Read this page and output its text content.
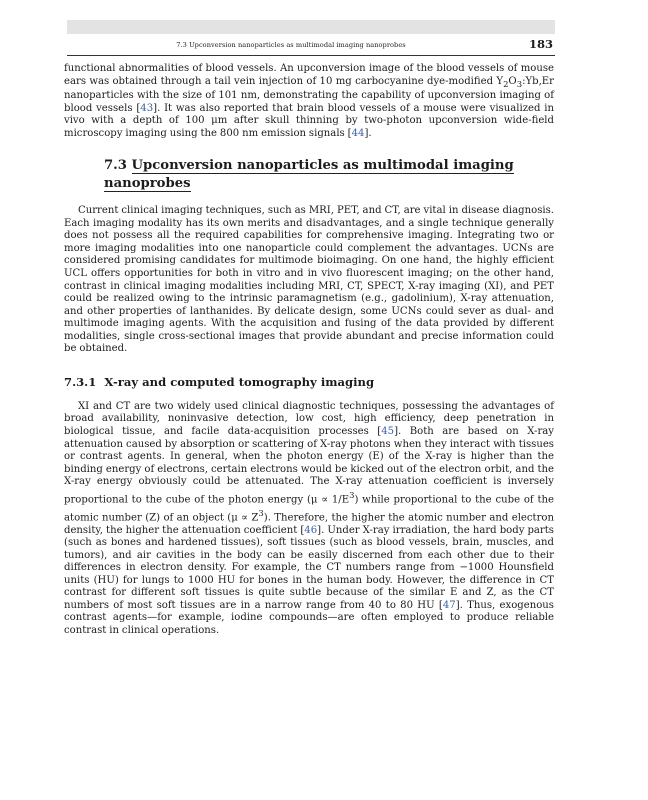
7.3 Upconversion nanoparticles as multimodal imaging nanoprobes	183

functional abnormalities of blood vessels. An upconversion image of the blood vessels of mouse ears was obtained through a tail vein injection of 10 mg carbocyanine dye-modified $Y_2O_3:Yb,Er$ nanoparticles with the size of 101 nm, demonstrating the capability of upconversion imaging of blood vessels [43]. It was also reported that brain blood vessels of a mouse were visualized in vivo with a depth of 100 μm after skull thinning by two-photon upconversion wide-field microscopy imaging using the 800 nm emission signals [44].

7.3 Upconversion nanoparticles as multimodal imaging nanoprobes

Current clinical imaging techniques, such as MRI, PET, and CT, are vital in disease diagnosis. Each imaging modality has its own merits and disadvantages, and a single technique generally does not possess all the required capabilities for comprehensive imaging. Integrating two or more imaging modalities into one nanoparticle could complement the advantages. UCNs are considered promising candidates for multimode bioimaging. On one hand, the highly efficient UCL offers opportunities for both in vitro and in vivo fluorescent imaging; on the other hand, contrast in clinical imaging modalities including MRI, CT, SPECT, X-ray imaging (XI), and PET could be realized owing to the intrinsic paramagnetism (e.g., gadolinium), X-ray attenuation, and other properties of lanthanides. By delicate design, some UCNs could sever as dual- and multimode imaging agents. With the acquisition and fusing of the data provided by different modalities, single cross-sectional images that provide abundant and precise information could be obtained.

7.3.1 X-ray and computed tomography imaging

XI and CT are two widely used clinical diagnostic techniques, possessing the advantages of broad availability, noninvasive detection, low cost, high efficiency, deep penetration in biological tissue, and facile data-acquisition processes [45]. Both are based on X-ray attenuation caused by absorption or scattering of X-ray photons when they interact with tissues or contrast agents. In general, when the photon energy (E) of the X-ray is higher than the binding energy of electrons, certain electrons would be kicked out of the electron orbit, and the X-ray energy obviously could be attenuated. The X-ray attenuation coefficient is inversely proportional to the cube of the photon energy $(\mu \propto 1/E^3)$ while proportional to the cube of the atomic number (Z) of an object $(\mu \propto Z^3)$. Therefore, the higher the atomic number and electron density, the higher the attenuation coefficient [46]. Under X-ray irradiation, the hard body parts (such as bones and hardened tissues), soft tissues (such as blood vessels, brain, muscles, and tumors), and air cavities in the body can be easily discerned from each other due to their differences in electron density. For example, the CT numbers range from −1000 Hounsfield units (HU) for lungs to 1000 HU for bones in the human body. However, the difference in CT contrast for different soft tissues is quite subtle because of the similar E and Z, as the CT numbers of most soft tissues are in a narrow range from 40 to 80 HU [47]. Thus, exogenous contrast agents—for example, iodine compounds—are often employed to produce reliable contrast in clinical operations.
